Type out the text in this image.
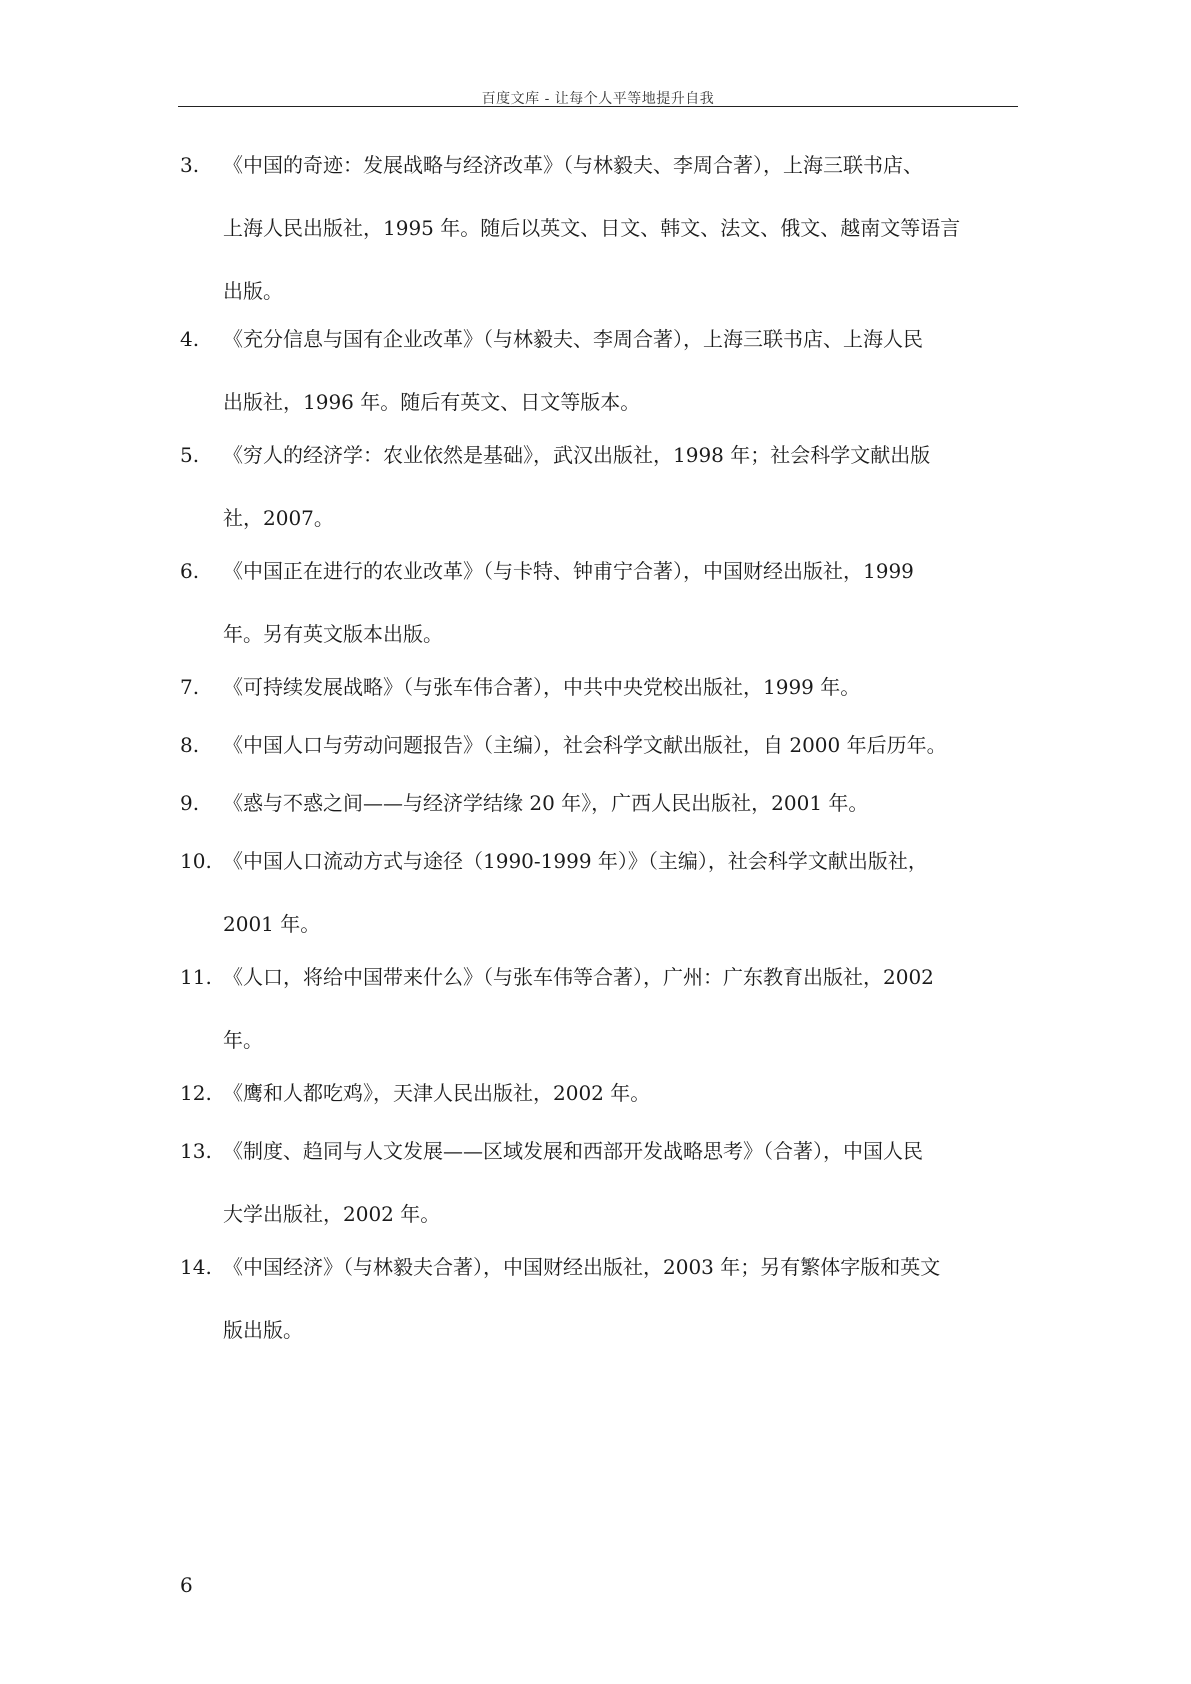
百度文库 - 让每个人平等地提升自我
3. 《中国的奇迹：发展战略与经济改革》（与林毅夫、李周合著），上海三联书店、
上海人民出版社，1995 年。随后以英文、日文、韩文、法文、俄文、越南文等语言
出版。
4. 《充分信息与国有企业改革》（与林毅夫、李周合著），上海三联书店、上海人民
出版社，1996 年。随后有英文、日文等版本。
5. 《穷人的经济学：农业依然是基础》，武汉出版社，1998 年；社会科学文献出版
社，2007。
6. 《中国正在进行的农业改革》（与卡特、钟甫宁合著），中国财经出版社，1999
年。另有英文版本出版。
7. 《可持续发展战略》（与张车伟合著），中共中央党校出版社，1999 年。
8. 《中国人口与劳动问题报告》（主编），社会科学文献出版社，自 2000 年后历年。
9. 《惑与不惑之间——与经济学结缘 20 年》，广西人民出版社，2001 年。
10. 《中国人口流动方式与途径（1990-1999 年）》（主编），社会科学文献出版社，
2001 年。
11. 《人口，将给中国带来什么》（与张车伟等合著），广州：广东教育出版社，2002
年。
12. 《鹰和人都吃鸡》，天津人民出版社，2002 年。
13. 《制度、趋同与人文发展——区域发展和西部开发战略思考》（合著），中国人民
大学出版社，2002 年。
14. 《中国经济》（与林毅夫合著），中国财经出版社，2003 年；另有繁体字版和英文
版出版。
6
